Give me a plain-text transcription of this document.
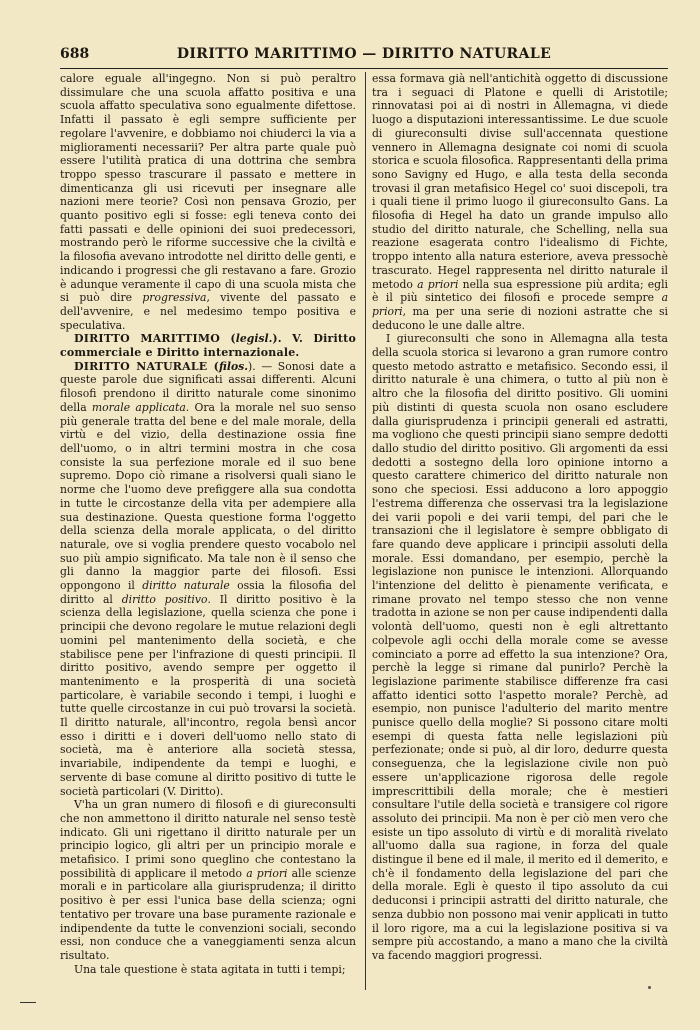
688	DIRITTO MARITTIMO — DIRITTO NATURALE

calore eguale all'ingegno. Non si può peraltro dissimulare che una scuola affatto positiva e una scuola affatto speculativa sono egualmente difettose. Infatti il passato è egli sempre sufficiente per regolare l'avvenire, e dobbiamo noi chiuderci la via a miglioramenti necessarii? Per altra parte quale può essere l'utilità pratica di una dottrina che sembra troppo spesso trascurare il passato e mettere in dimenticanza gli usi ricevuti per insegnare alle nazioni mere teorie? Così non pensava Grozio, per quanto positivo egli si fosse: egli teneva conto dei fatti passati e delle opinioni dei suoi predecessori, mostrando però le riforme successive che la civiltà e la filosofia avevano introdotte nel diritto delle genti, e indicando i progressi che gli restavano a fare. Grozio è adunque veramente il capo di una scuola mista che si può dire progressiva, vivente del passato e dell'avvenire, e nel medesimo tempo positiva e speculativa.

DIRITTO MARITTIMO (legisl.). V. Diritto commerciale e Diritto internazionale.

DIRITTO NATURALE (filos.). — Sonosi date a queste parole due significati assai differenti. Alcuni filosofi prendono il diritto naturale come sinonimo della morale applicata. Ora la morale nel suo senso più generale tratta del bene e del male morale, della virtù e del vizio, della destinazione ossia fine dell'uomo, o in altri termini mostra in che cosa consiste la sua perfezione morale ed il suo bene supremo. Dopo ciò rimane a risolversi quali siano le norme che l'uomo deve prefiggere alla sua condotta in tutte le circostanze della vita per adempiere alla sua destinazione. Questa questione forma l'oggetto della scienza della morale applicata, o del diritto naturale, ove si voglia prendere questo vocabolo nel suo più ampio significato. Ma tale non è il senso che gli danno la maggior parte dei filosofi. Essi oppongono il diritto naturale ossia la filosofia del diritto al diritto positivo. Il diritto positivo è la scienza della legislazione, quella scienza che pone i principii che devono regolare le mutue relazioni degli uomini pel mantenimento della società, e che stabilisce pene per l'infrazione di questi principii. Il diritto positivo, avendo sempre per oggetto il mantenimento e la prosperità di una società particolare, è variabile secondo i tempi, i luoghi e tutte quelle circostanze in cui può trovarsi la società. Il diritto naturale, all'incontro, regola bensì ancor esso i diritti e i doveri dell'uomo nello stato di società, ma è anteriore alla società stessa, invariabile, indipendente da tempi e luoghi, e servente di base comune al diritto positivo di tutte le società particolari (V. Diritto).

V'ha un gran numero di filosofi e di giureconsulti che non ammettono il diritto naturale nel senso testè indicato. Gli uni rigettano il diritto naturale per un principio logico, gli altri per un principio morale e metafisico. I primi sono queglino che contestano la possibilità di applicare il metodo a priori alle scienze morali e in particolare alla giurisprudenza; il diritto positivo è per essi l'unica base della scienza; ogni tentativo per trovare una base puramente razionale e indipendente da tutte le convenzioni sociali, secondo essi, non conduce che a vaneggiamenti senza alcun risultato.

Una tale questione è stata agitata in tutti i tempi;

essa formava già nell'antichità oggetto di discussione tra i seguaci di Platone e quelli di Aristotile; rinnovatasi poi ai dì nostri in Allemagna, vi diede luogo a disputazioni interessantissime. Le due scuole di giureconsulti divise sull'accennata questione vennero in Allemagna designate coi nomi di scuola storica e scuola filosofica. Rappresentanti della prima sono Savigny ed Hugo, e alla testa della seconda trovasi il gran metafisico Hegel co' suoi discepoli, tra i quali tiene il primo luogo il giureconsulto Gans. La filosofia di Hegel ha dato un grande impulso allo studio del diritto naturale, che Schelling, nella sua reazione esagerata contro l'idealismo di Fichte, troppo intento alla natura esteriore, aveva pressochè trascurato. Hegel rappresenta nel diritto naturale il metodo a priori nella sua espressione più ardita; egli è il più sintetico dei filosofi e procede sempre a priori, ma per una serie di nozioni astratte che si deducono le une dalle altre.

I giureconsulti che sono in Allemagna alla testa della scuola storica si levarono a gran rumore contro questo metodo astratto e metafisico. Secondo essi, il diritto naturale è una chimera, o tutto al più non è altro che la filosofia del diritto positivo. Gli uomini più distinti di questa scuola non osano escludere dalla giurisprudenza i principii generali ed astratti, ma vogliono che questi principii siano sempre dedotti dallo studio del diritto positivo. Gli argomenti da essi dedotti a sostegno della loro opinione intorno a questo carattere chimerico del diritto naturale non sono che speciosi. Essi adducono a loro appoggio l'estrema differenza che osservasi tra la legislazione dei varii popoli e dei varii tempi, del pari che le transazioni che il legislatore è sempre obbligato di fare quando deve applicare i principii assoluti della morale. Essi domandano, per esempio, perchè la legislazione non punisce le intenzioni. Allorquando l'intenzione del delitto è pienamente verificata, e rimane provato nel tempo stesso che non venne tradotta in azione se non per cause indipendenti dalla volontà dell'uomo, questi non è egli altrettanto colpevole agli occhi della morale come se avesse cominciato a porre ad effetto la sua intenzione? Ora, perchè la legge si rimane dal punirlo? Perchè la legislazione parimente stabilisce differenze fra casi affatto identici sotto l'aspetto morale? Perchè, ad esempio, non punisce l'adulterio del marito mentre punisce quello della moglie? Si possono citare molti esempi di questa fatta nelle legislazioni più perfezionate; onde si può, al dir loro, dedurre questa conseguenza, che la legislazione civile non può essere un'applicazione rigorosa delle regole imprescrittibili della morale; che è mestieri consultare l'utile della società e transigere col rigore assoluto dei principii. Ma non è per ciò men vero che esiste un tipo assoluto di virtù e di moralità rivelato all'uomo dalla sua ragione, in forza del quale distingue il bene ed il male, il merito ed il demerito, e ch'è il fondamento della legislazione del pari che della morale. Egli è questo il tipo assoluto da cui deduconsi i principii astratti del diritto naturale, che senza dubbio non possono mai venir applicati in tutto il loro rigore, ma a cui la legislazione positiva si va sempre più accostando, a mano a mano che la civiltà va facendo maggiori progressi.
